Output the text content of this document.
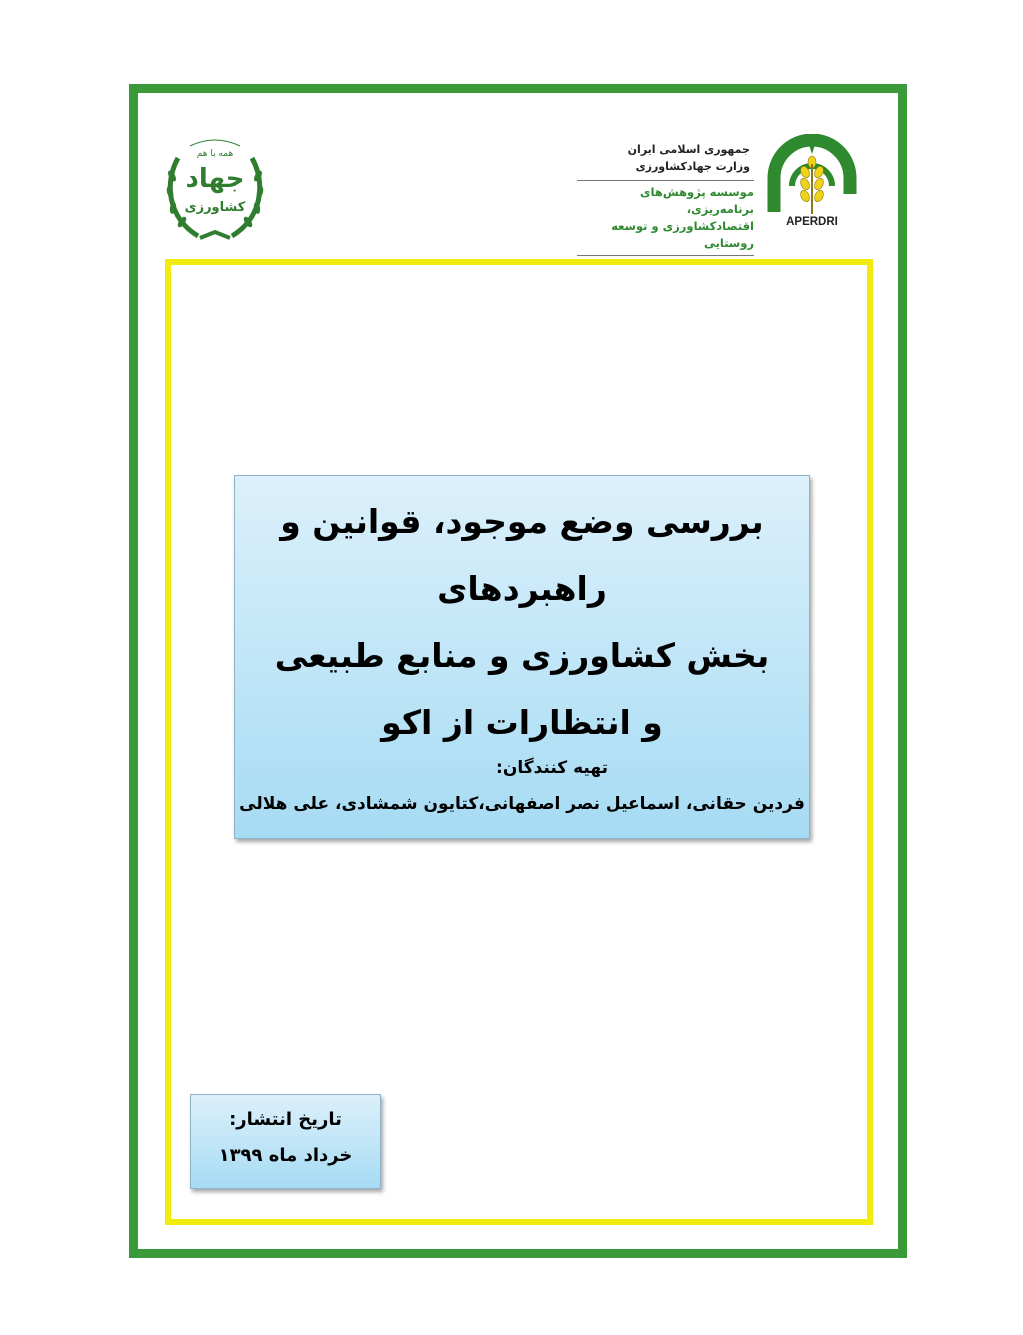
همه با هم
جهاد
کشاورزی
جمهوری اسلامی ایران
وزارت جهادکشاورزی
موسسه پژوهش‌های برنامه‌ریزی،
اقتصادکشاورزی و توسعه روستایی
APERDRI
بررسی وضع موجود، قوانین و راهبردهای
بخش کشاورزی و منابع طبیعی
و انتظارات از اکو
تهیه کنندگان:
فردین حقانی، اسماعیل نصر اصفهانی،کتایون شمشادی، علی هلالی
تاریخ انتشار:
خرداد ماه ۱۳۹۹
